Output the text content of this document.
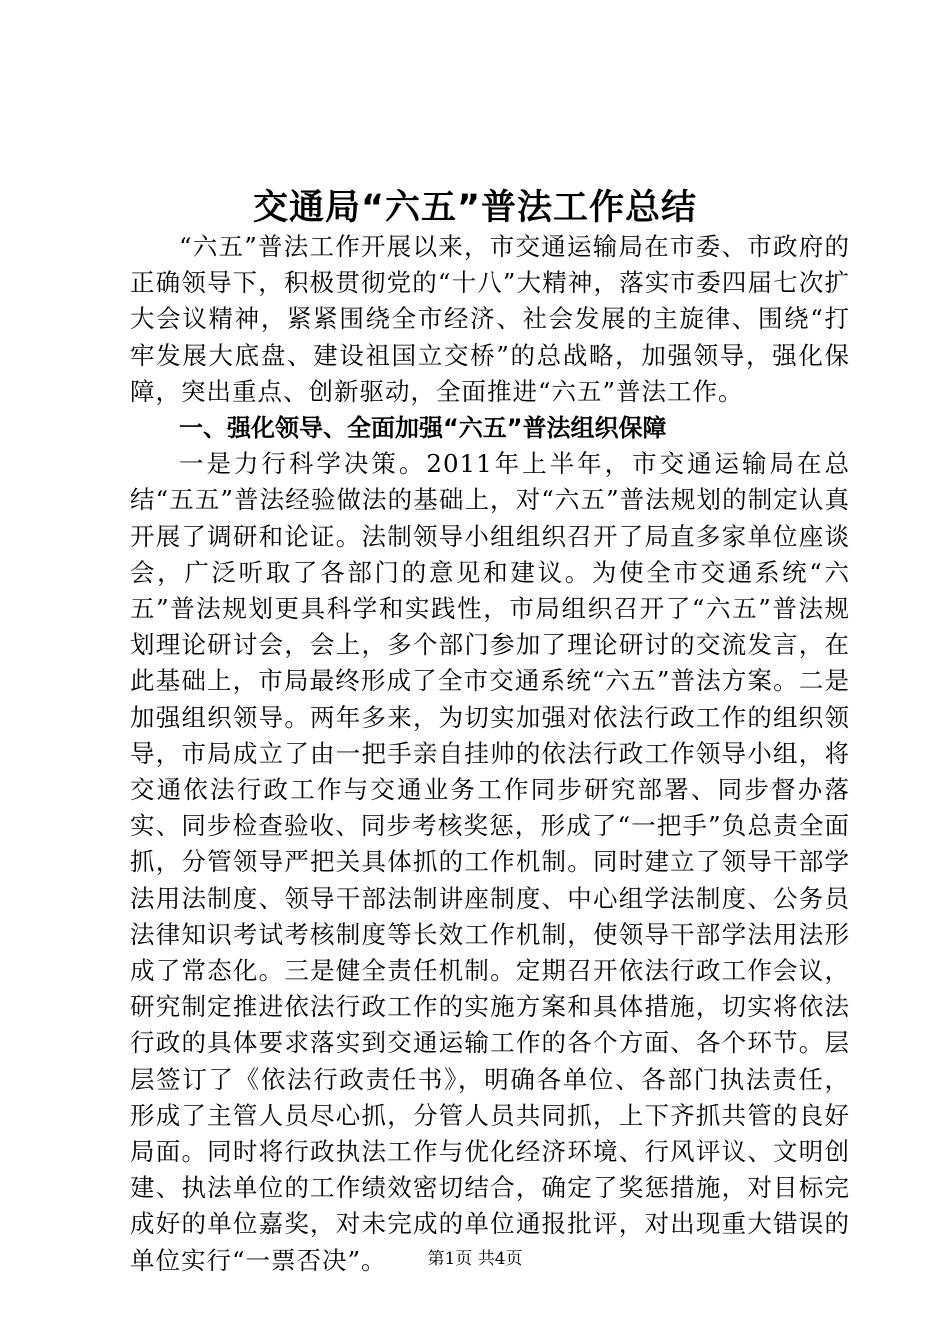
交通局“六五”普法工作总结

“六五”普法工作开展以来，市交通运输局在市委、市政府的正确领导下，积极贯彻党的“十八”大精神，落实市委四届七次扩大会议精神，紧紧围绕全市经济、社会发展的主旋律、围绕“打牢发展大底盘、建设祖国立交桥”的总战略，加强领导，强化保障，突出重点、创新驱动，全面推进“六五”普法工作。

一、强化领导、全面加强“六五”普法组织保障

一是力行科学决策。2011年上半年，市交通运输局在总结“五五”普法经验做法的基础上，对“六五”普法规划的制定认真开展了调研和论证。法制领导小组组织召开了局直多家单位座谈会，广泛听取了各部门的意见和建议。为使全市交通系统“六五”普法规划更具科学和实践性，市局组织召开了“六五”普法规划理论研讨会，会上，多个部门参加了理论研讨的交流发言，在此基础上，市局最终形成了全市交通系统“六五”普法方案。二是加强组织领导。两年多来，为切实加强对依法行政工作的组织领导，市局成立了由一把手亲自挂帅的依法行政工作领导小组，将交通依法行政工作与交通业务工作同步研究部署、同步督办落实、同步检查验收、同步考核奖惩，形成了“一把手”负总责全面抓，分管领导严把关具体抓的工作机制。同时建立了领导干部学法用法制度、领导干部法制讲座制度、中心组学法制度、公务员法律知识考试考核制度等长效工作机制，使领导干部学法用法形成了常态化。三是健全责任机制。定期召开依法行政工作会议，研究制定推进依法行政工作的实施方案和具体措施，切实将依法行政的具体要求落实到交通运输工作的各个方面、各个环节。层层签订了《依法行政责任书》，明确各单位、各部门执法责任，形成了主管人员尽心抓，分管人员共同抓，上下齐抓共管的良好局面。同时将行政执法工作与优化经济环境、行风评议、文明创建、执法单位的工作绩效密切结合，确定了奖惩措施，对目标完成好的单位嘉奖，对未完成的单位通报批评，对出现重大错误的单位实行“一票否决”。	第1页 共4页
